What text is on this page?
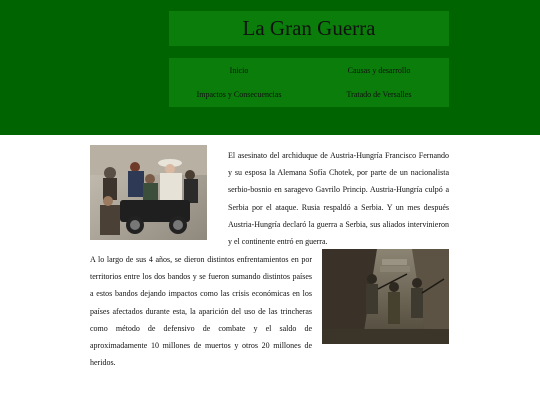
La Gran Guerra
Inicio	Causas y desarrollo
Impactos y Consecuencias	Tratado de Versalles

El asesinato del archiduque de Austria-Hungría Francisco Fernando y su esposa la Alemana Sofía Chotek, por parte de un nacionalista serbio-bosnio en saragevo Gavrilo Princip. Austria-Hungría culpó a Serbia por el ataque. Rusia respaldó a Serbia. Y un mes después Austria-Hungría declaró la guerra a Serbia, sus aliados intervinieron y el continente entró en guerra.

A lo largo de sus 4 años, se dieron distintos enfrentamientos en por territorios entre los dos bandos y se fueron sumando distintos países a estos bandos dejando impactos como las crisis económicas en los países afectados durante esta, la aparición del uso de las trincheras como método de defensivo de combate y el saldo de aproximadamente 10 millones de muertos y otros 20 millones de heridos.
